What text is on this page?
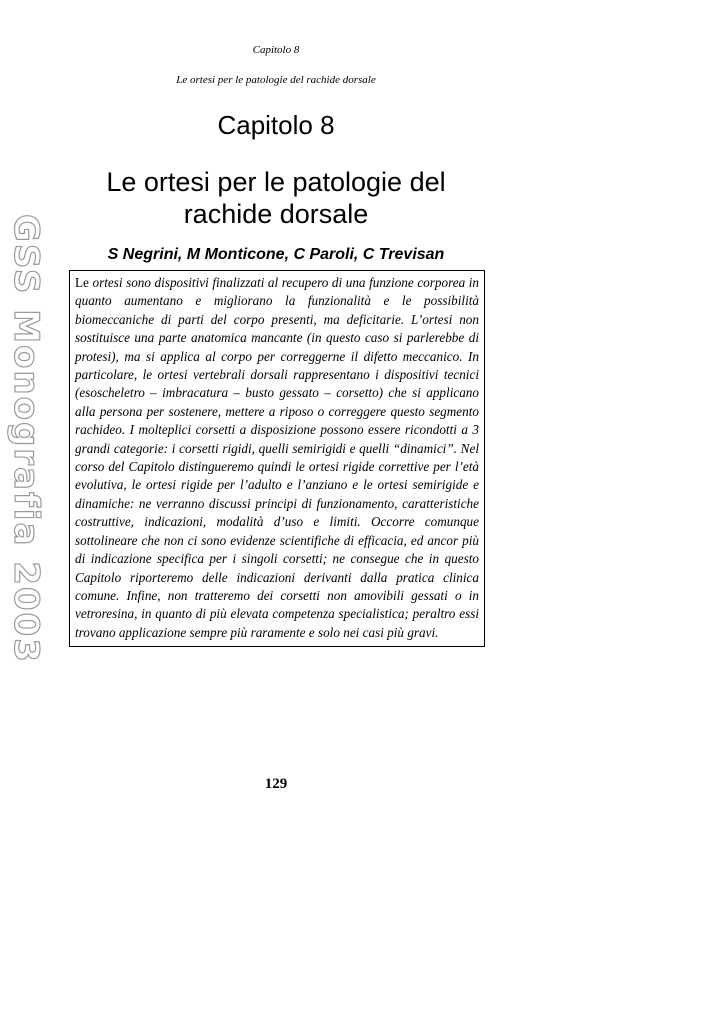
Capitolo 8
Le ortesi per le patologie del rachide dorsale
Capitolo 8
Le ortesi per le patologie del
rachide dorsale
S Negrini, M Monticone, C Paroli, C Trevisan
Le ortesi sono dispositivi finalizzati al recupero di una funzione corporea in quanto aumentano e migliorano la funzionalità e le possibilità biomeccaniche di parti del corpo presenti, ma deficitarie. L’ortesi non sostituisce una parte anatomica mancante (in questo caso si parlerebbe di protesi), ma si applica al corpo per correggerne il difetto meccanico. In particolare, le ortesi vertebrali dorsali rappresentano i dispositivi tecnici (esoscheletro – imbracatura – busto gessato – corsetto) che si applicano alla persona per sostenere, mettere a riposo o correggere questo segmento rachideo. I molteplici corsetti a disposizione possono essere ricondotti a 3 grandi categorie: i corsetti rigidi, quelli semirigidi e quelli “dinamici”. Nel corso del Capitolo distingueremo quindi le ortesi rigide correttive per l’età evolutiva, le ortesi rigide per l’adulto e l’anziano e le ortesi semirigide e dinamiche: ne verranno discussi principi di funzionamento, caratteristiche costruttive, indicazioni, modalità d’uso e limiti. Occorre comunque sottolineare che non ci sono evidenze scientifiche di efficacia, ed ancor più di indicazione specifica per i singoli corsetti; ne consegue che in questo Capitolo riporteremo delle indicazioni derivanti dalla pratica clinica comune. Infine, non tratteremo dei corsetti non amovibili gessati o in vetroresina, in quanto di più elevata competenza specialistica; peraltro essi trovano applicazione sempre più raramente e solo nei casi più gravi.
129
GSS Monografia 2003
